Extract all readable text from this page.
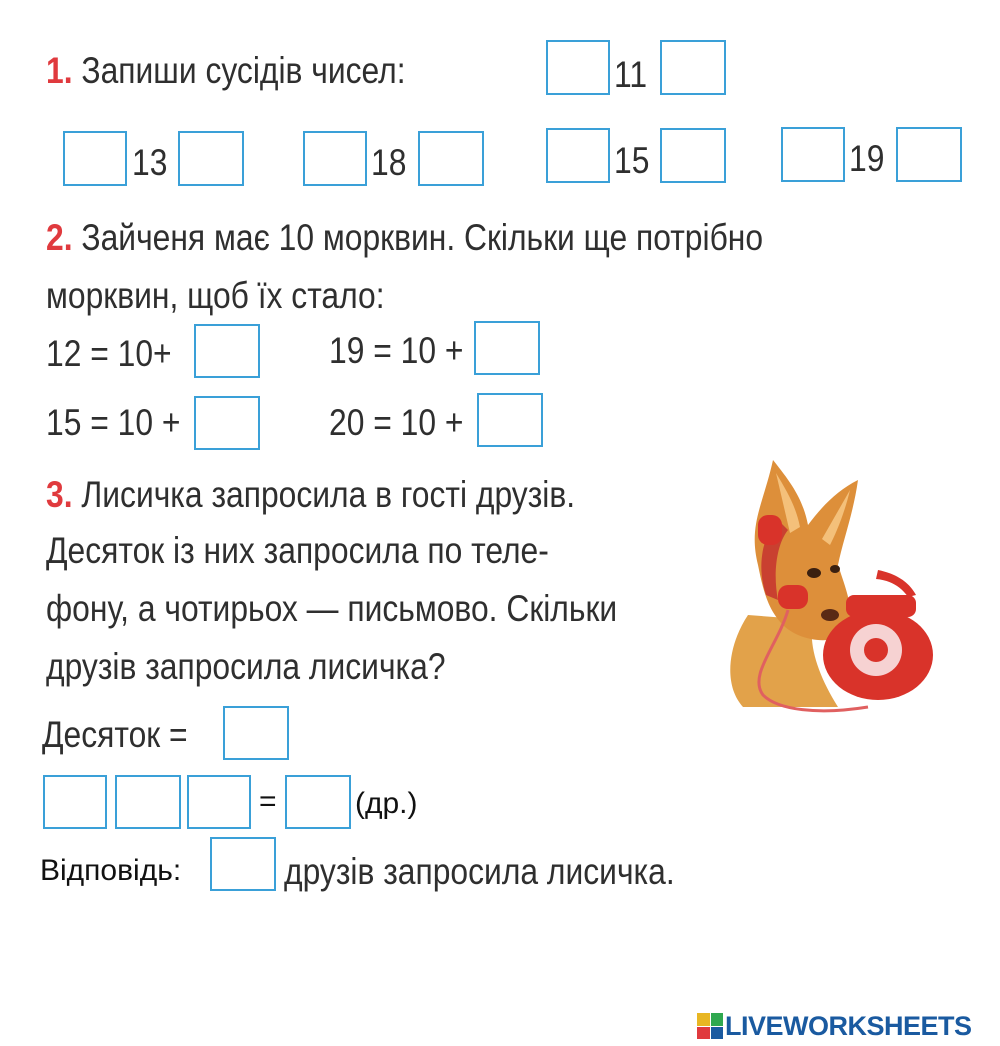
1. Запиши сусідів чисел:	11
13	18	15	19
2. Зайченя має 10 морквин. Скільки ще потрібно
морквин, щоб їх стало:
12 = 10+	19 = 10 +
15 = 10 +	20 = 10 +
3. Лисичка запросила в гості друзів.
Десяток із них запросила по теле-
фону, а чотирьох — письмово. Скільки
друзів запросила лисичка?
Десяток =
=	(др.)
Відповідь:	друзів запросила лисичка.
LIVEWORKSHEETS
